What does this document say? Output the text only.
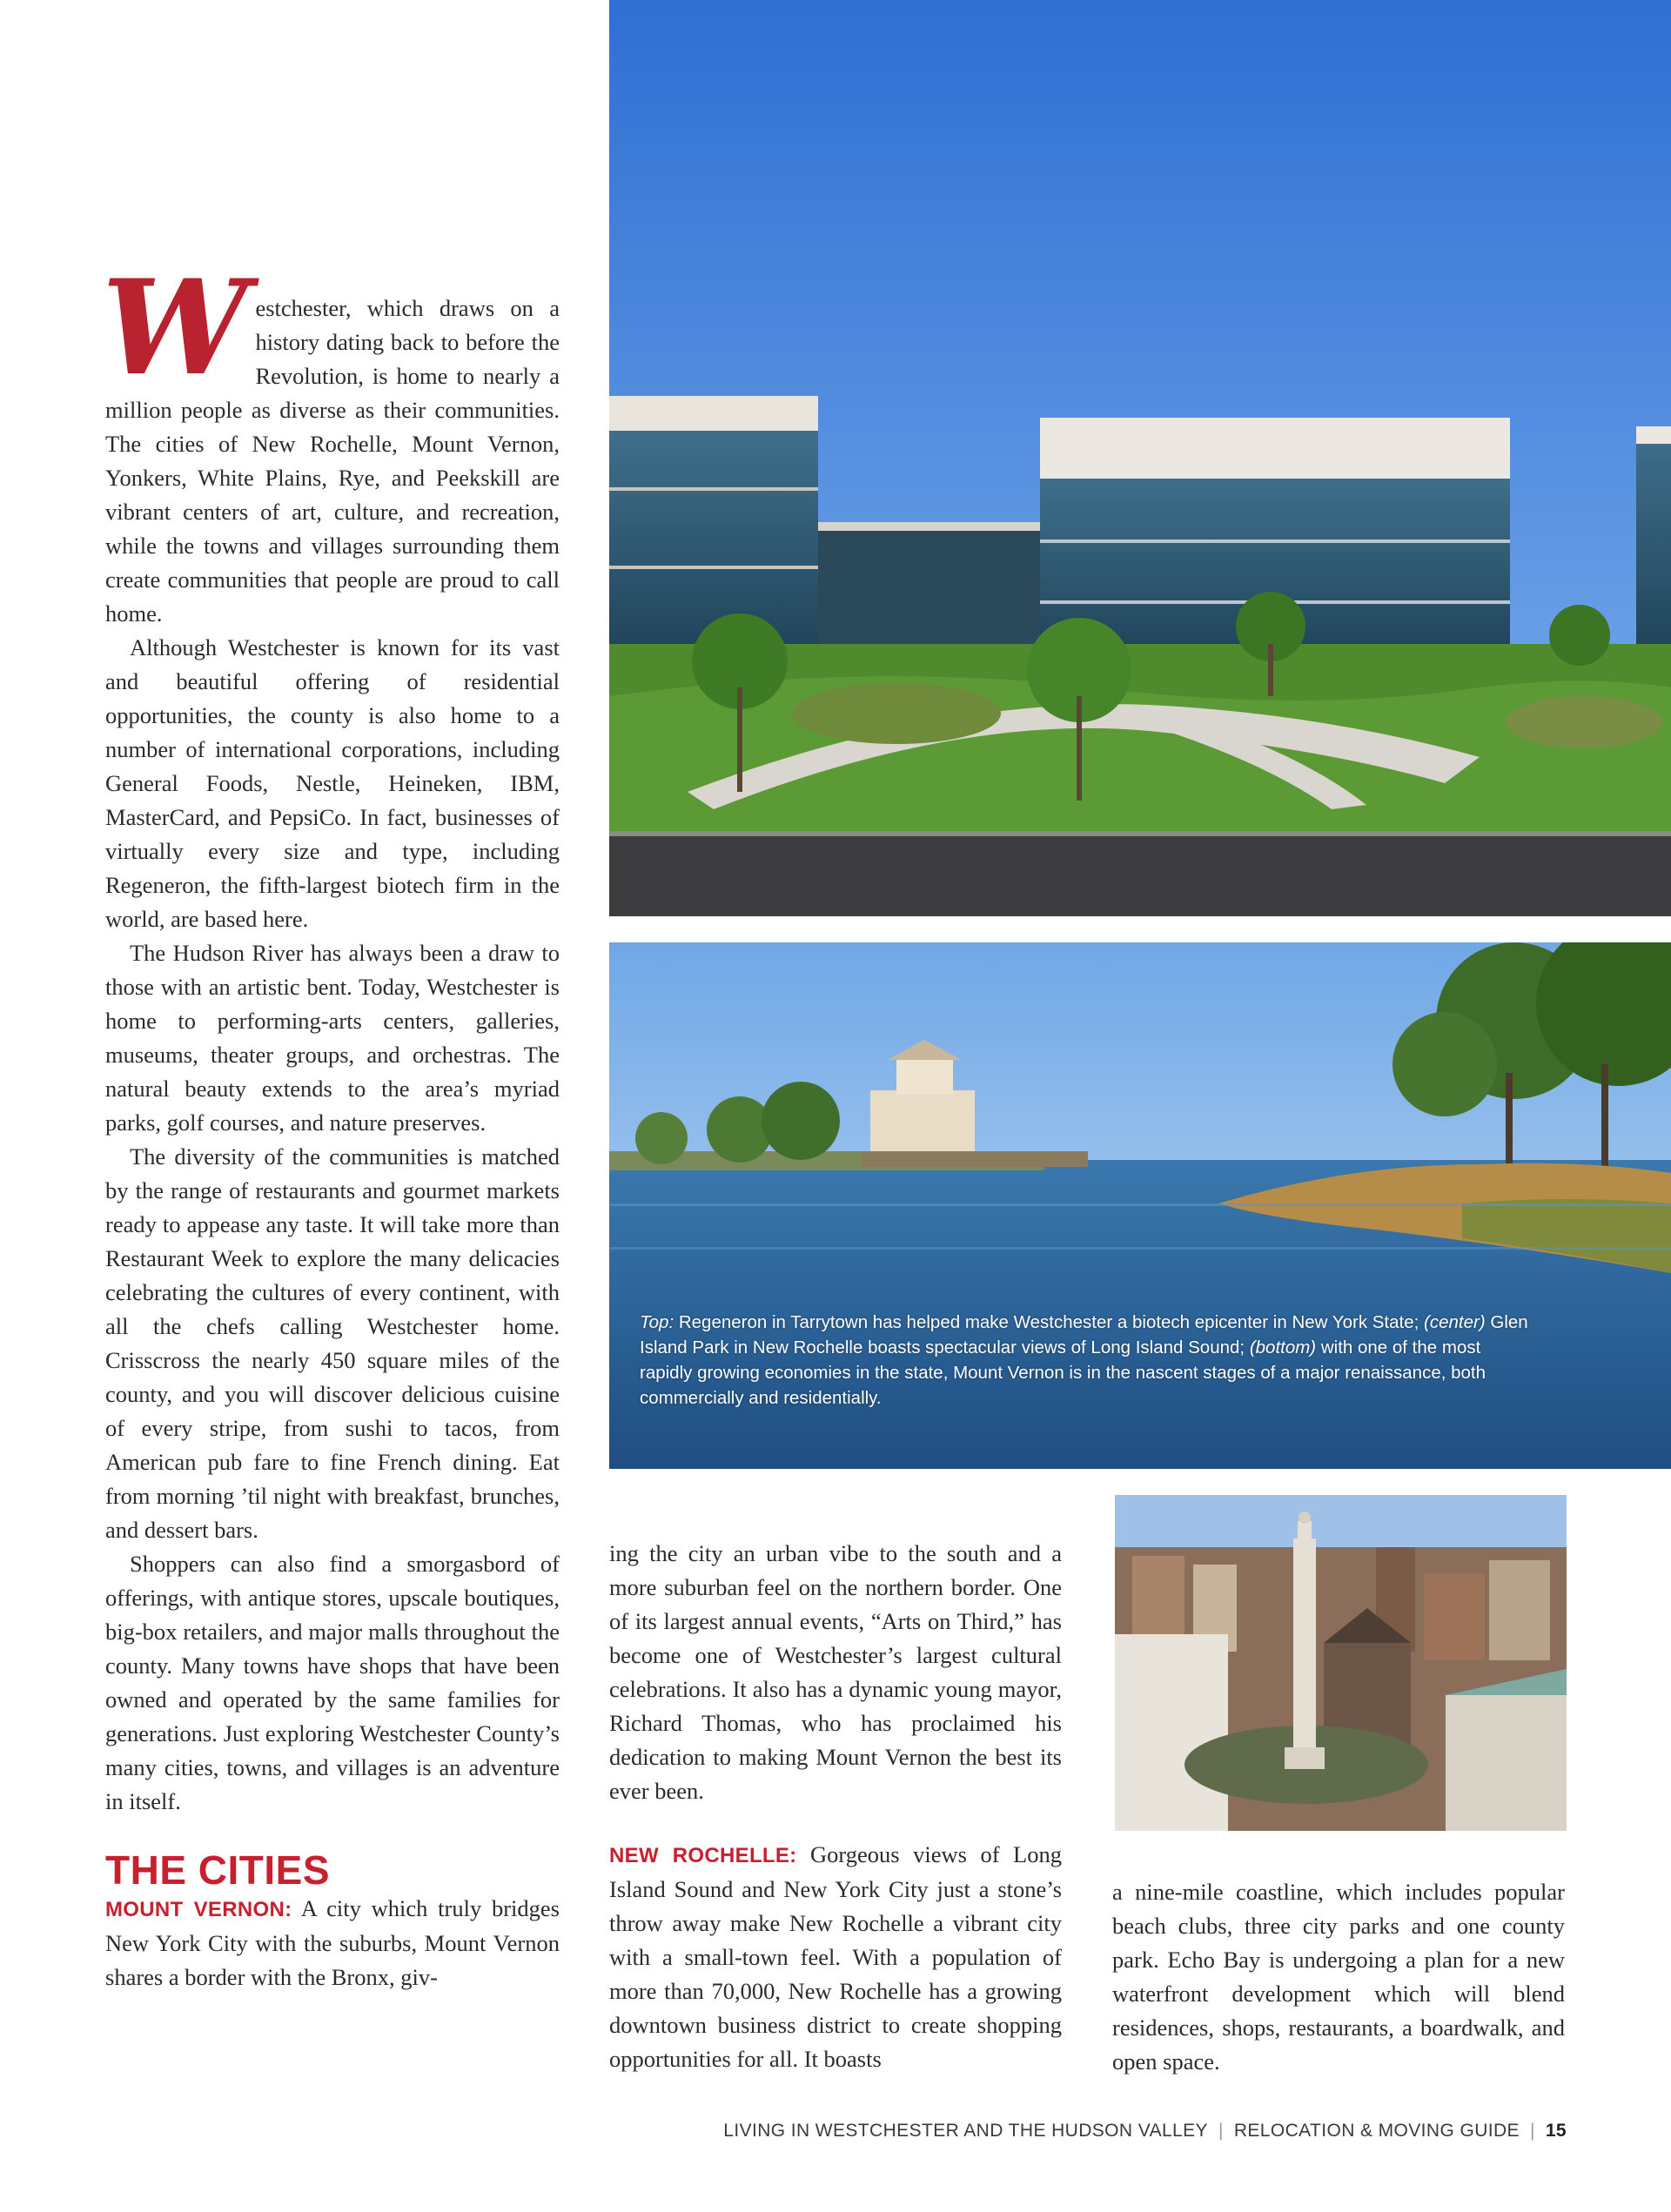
Westchester, which draws on a history dating back to before the Revolution, is home to nearly a million people as diverse as their communities. The cities of New Rochelle, Mount Vernon, Yonkers, White Plains, Rye, and Peekskill are vibrant centers of art, culture, and recreation, while the towns and villages surrounding them create communities that people are proud to call home.

Although Westchester is known for its vast and beautiful offering of residential opportunities, the county is also home to a number of international corporations, including General Foods, Nestle, Heineken, IBM, MasterCard, and PepsiCo. In fact, businesses of virtually every size and type, including Regeneron, the fifth-largest biotech firm in the world, are based here.

The Hudson River has always been a draw to those with an artistic bent. Today, Westchester is home to performing-arts centers, galleries, museums, theater groups, and orchestras. The natural beauty extends to the area’s myriad parks, golf courses, and nature preserves.

The diversity of the communities is matched by the range of restaurants and gourmet markets ready to appease any taste. It will take more than Restaurant Week to explore the many delicacies celebrating the cultures of every continent, with all the chefs calling Westchester home. Crisscross the nearly 450 square miles of the county, and you will discover delicious cuisine of every stripe, from sushi to tacos, from American pub fare to fine French dining. Eat from morning ’til night with breakfast, brunches, and dessert bars.

Shoppers can also find a smorgasbord of offerings, with antique stores, upscale boutiques, big-box retailers, and major malls throughout the county. Many towns have shops that have been owned and operated by the same families for generations. Just exploring Westchester County’s many cities, towns, and villages is an adventure in itself.

THE CITIES

MOUNT VERNON: A city which truly bridges New York City with the suburbs, Mount Vernon shares a border with the Bronx, giv-

Top: Regeneron in Tarrytown has helped make Westchester a biotech epicenter in New York State; (center) Glen Island Park in New Rochelle boasts spectacular views of Long Island Sound; (bottom) with one of the most rapidly growing economies in the state, Mount Vernon is in the nascent stages of a major renaissance, both commercially and residentially.

ing the city an urban vibe to the south and a more suburban feel on the northern border. One of its largest annual events, “Arts on Third,” has become one of Westchester’s largest cultural celebrations. It also has a dynamic young mayor, Richard Thomas, who has proclaimed his dedication to making Mount Vernon the best its ever been.

NEW ROCHELLE: Gorgeous views of Long Island Sound and New York City just a stone’s throw away make New Rochelle a vibrant city with a small-town feel. With a population of more than 70,000, New Rochelle has a growing downtown business district to create shopping opportunities for all. It boasts

a nine-mile coastline, which includes popular beach clubs, three city parks and one county park. Echo Bay is undergoing a plan for a new waterfront development which will blend residences, shops, restaurants, a boardwalk, and open space.

LIVING IN WESTCHESTER AND THE HUDSON VALLEY | RELOCATION & MOVING GUIDE | 15
